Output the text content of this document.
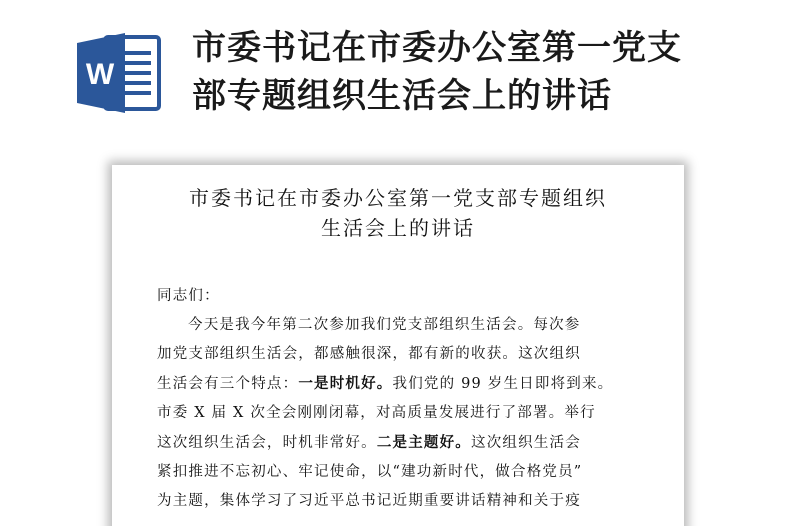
W
市委书记在市委办公室第一党支
部专题组织生活会上的讲话
市委书记在市委办公室第一党支部专题组织
生活会上的讲话
同志们：
今天是我今年第二次参加我们党支部组织生活会。每次参
加党支部组织生活会，都感触很深，都有新的收获。这次组织
生活会有三个特点：一是时机好。我们党的 99 岁生日即将到来。
市委 X 届 X 次全会刚刚闭幕，对高质量发展进行了部署。举行
这次组织生活会，时机非常好。二是主题好。这次组织生活会
紧扣推进不忘初心、牢记使命，以“建功新时代，做合格党员”
为主题，集体学习了习近平总书记近期重要讲话精神和关于疫
